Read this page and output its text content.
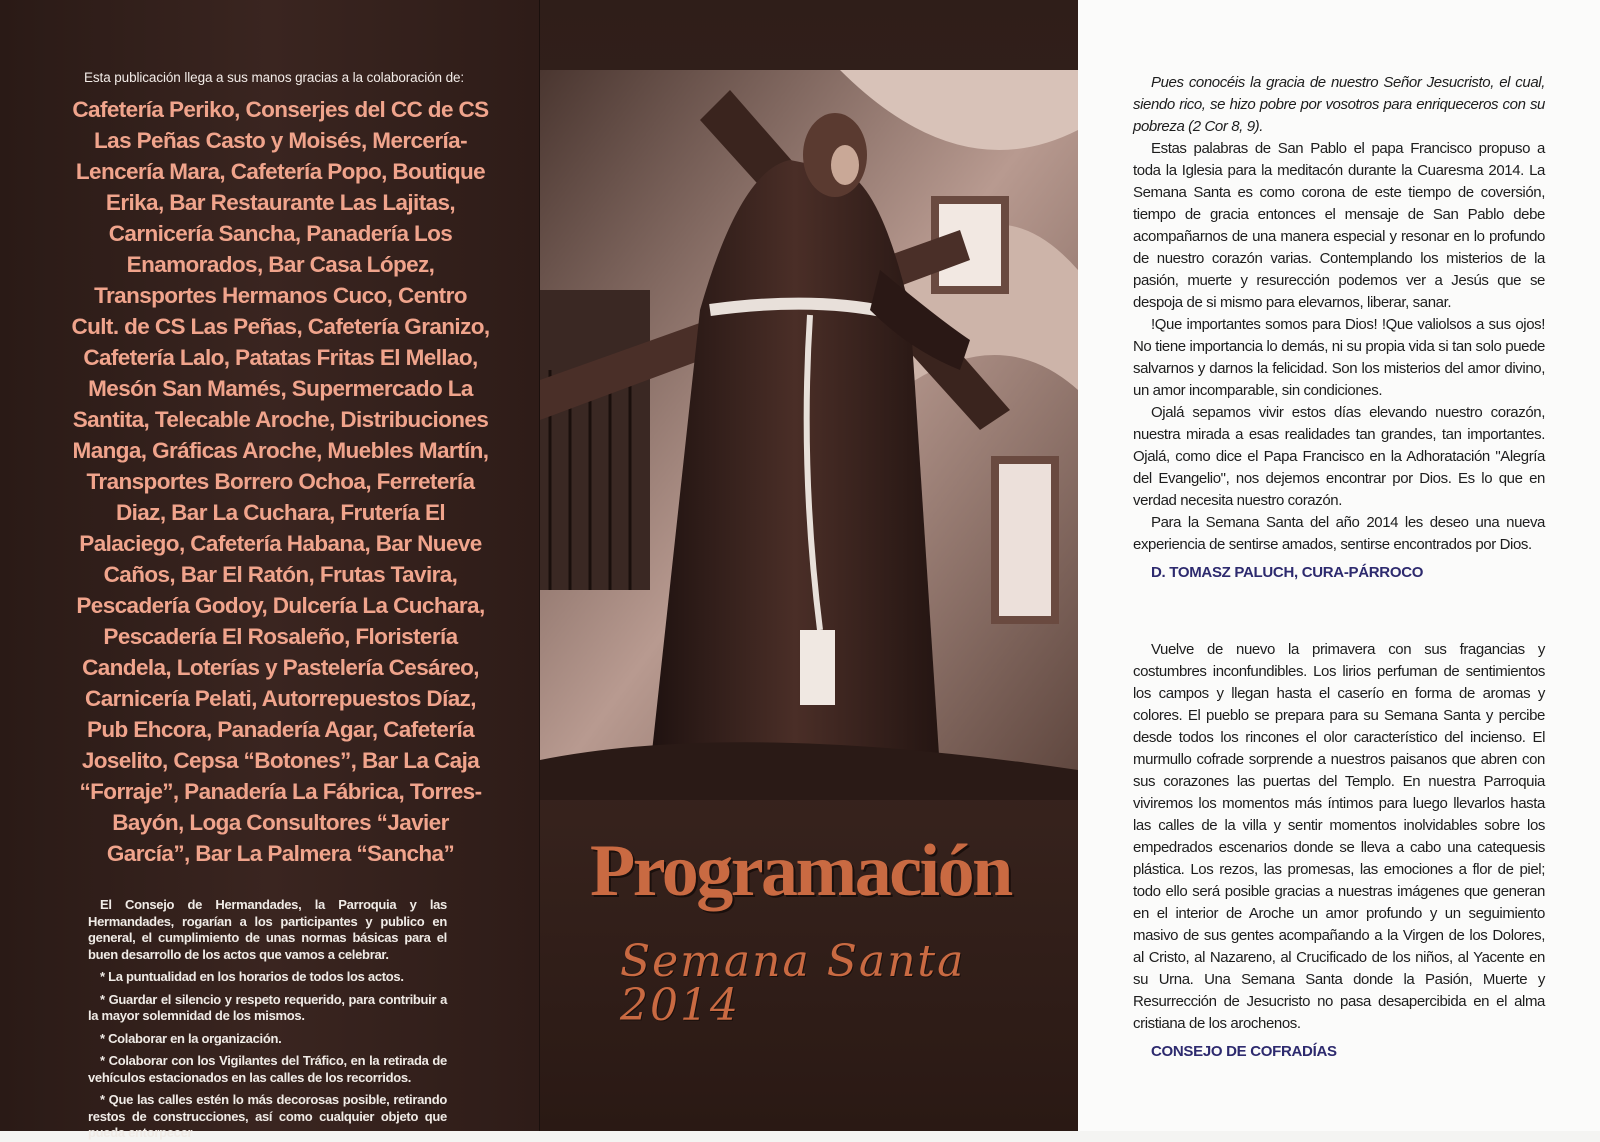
Esta publicación llega a sus manos gracias a la colaboración de:

Cafetería Periko, Conserjes del CC de CS Las Peñas Casto y Moisés, Mercería-Lencería Mara, Cafetería Popo, Boutique Erika, Bar Restaurante Las Lajitas, Carnicería Sancha, Panadería Los Enamorados, Bar Casa López, Transportes Hermanos Cuco, Centro Cult. de CS Las Peñas, Cafetería Granizo, Cafetería Lalo, Patatas Fritas El Mellao, Mesón San Mamés, Supermercado La Santita, Telecable Aroche, Distribuciones Manga, Gráficas Aroche, Muebles Martín, Transportes Borrero Ochoa, Ferretería Diaz, Bar La Cuchara, Frutería El Palaciego, Cafetería Habana, Bar Nueve Caños, Bar El Ratón, Frutas Tavira, Pescadería Godoy, Dulcería La Cuchara, Pescadería El Rosaleño, Floristería Candela, Loterías y Pastelería Cesáreo, Carnicería Pelati, Autorrepuestos Díaz, Pub Ehcora, Panadería Agar, Cafetería Joselito, Cepsa “Botones”, Bar La Caja “Forraje”, Panadería La Fábrica, Torres-Bayón, Loga Consultores “Javier García”, Bar La Palmera “Sancha”

El Consejo de Hermandades, la Parroquia y las Hermandades, rogarían a los participantes y publico en general, el cumplimiento de unas normas básicas para el buen desarrollo de los actos que vamos a celebrar.

* La puntualidad en los horarios de todos los actos.

* Guardar el silencio y respeto requerido, para contribuir a la mayor solemnidad de los mismos.

* Colaborar en la organización.

* Colaborar con los Vigilantes del Tráfico, en la retirada de vehículos estacionados en las calles de los recorridos.

* Que las calles estén lo más decorosas posible, retirando restos de construcciones, así como cualquier objeto que pueda entorpecer

Programación
Semana Santa 2014

Pues conocéis la gracia de nuestro Señor Jesucristo, el cual, siendo rico, se hizo pobre por vosotros para enriqueceros con su pobreza (2 Cor 8, 9).

Estas palabras de San Pablo el papa Francisco propuso a toda la Iglesia para la meditacón durante la Cuaresma 2014. La Semana Santa es como corona de este tiempo de coversión, tiempo de gracia entonces el mensaje de San Pablo debe acompañarnos de una manera especial y resonar en lo profundo de nuestro corazón varias. Contemplando los misterios de la pasión, muerte y resurección podemos ver a Jesús que se despoja de si mismo para elevarnos, liberar, sanar.

!Que importantes somos para Dios! !Que valiolsos a sus ojos! No tiene importancia lo demás, ni su propia vida si tan solo puede salvarnos y darnos la felicidad. Son los misterios del amor divino, un amor incomparable, sin condiciones.

Ojalá sepamos vivir estos días elevando nuestro corazón, nuestra mirada a esas realidades tan grandes, tan importantes. Ojalá, como dice el Papa Francisco en la Adhoratación "Alegría del Evangelio", nos dejemos encontrar por Dios. Es lo que en verdad necesita nuestro corazón.

Para la Semana Santa del año 2014 les deseo una nueva experiencia de sentirse amados, sentirse encontrados por Dios.

D. TOMASZ PALUCH, CURA-PÁRROCO

Vuelve de nuevo la primavera con sus fragancias y costumbres inconfundibles. Los lirios perfuman de sentimientos los campos y llegan hasta el caserío en forma de aromas y colores. El pueblo se prepara para su Semana Santa y percibe desde todos los rincones el olor característico del incienso. El murmullo cofrade sorprende a nuestros paisanos que abren con sus corazones las puertas del Templo. En nuestra Parroquia viviremos los momentos más íntimos para luego llevarlos hasta las calles de la villa y sentir momentos inolvidables sobre los empedrados escenarios donde se lleva a cabo una catequesis plástica. Los rezos, las promesas, las emociones a flor de piel; todo ello será posible gracias a nuestras imágenes que generan en el interior de Aroche un amor profundo y un seguimiento masivo de sus gentes acompañando a la Virgen de los Dolores, al Cristo, al Nazareno, al Crucificado de los niños, al Yacente en su Urna. Una Semana Santa donde la Pasión, Muerte y Resurrección de Jesucristo no pasa desapercibida en el alma cristiana de los arochenos.

CONSEJO DE COFRADÍAS
